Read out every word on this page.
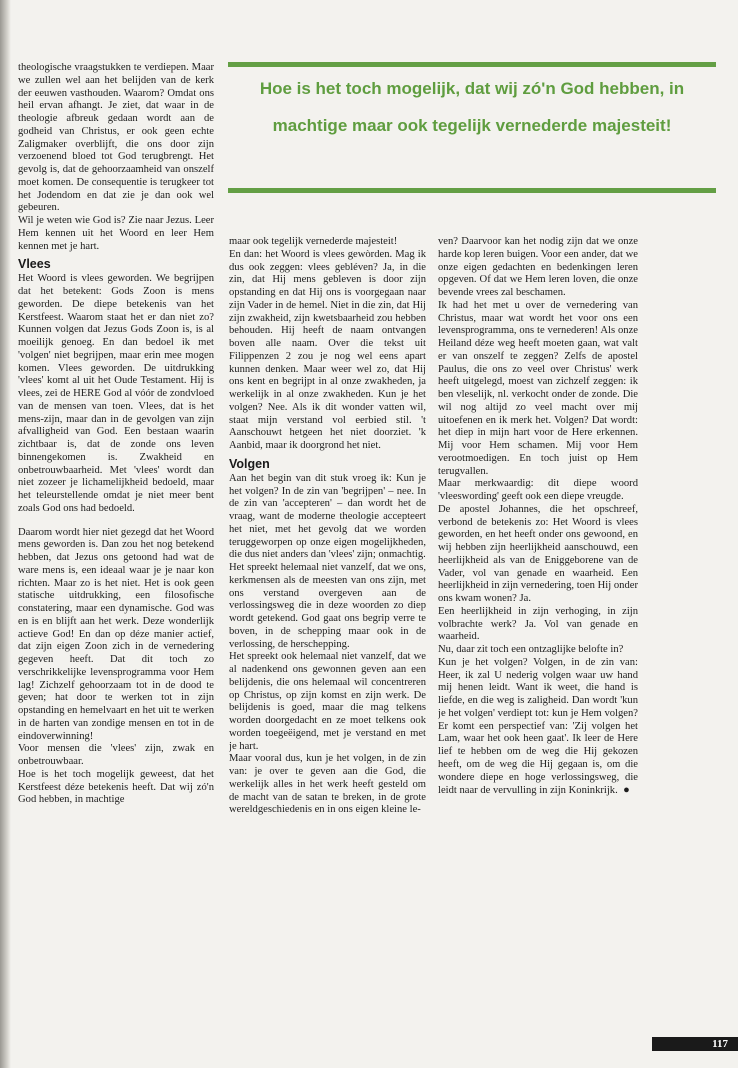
theologische vraagstukken te verdiepen. Maar we zullen wel aan het belijden van de kerk der eeuwen vasthouden. Waarom? Omdat ons heil ervan afhangt. Je ziet, dat waar in de theologie afbreuk gedaan wordt aan de godheid van Christus, er ook geen echte Zaligmaker overblijft, die ons door zijn verzoenend bloed tot God terugbrengt. Het gevolg is, dat de gehoorzaamheid van onszelf moet komen. De consequentie is terugkeer tot het Jodendom en dat zie je dan ook wel gebeuren.

Wil je weten wie God is? Zie naar Jezus. Leer Hem kennen uit het Woord en leer Hem kennen met je hart.

Vlees

Het Woord is vlees geworden. We begrijpen dat het betekent: Gods Zoon is mens geworden. De diepe betekenis van het Kerstfeest. Waarom staat het er dan niet zo? Kunnen volgen dat Jezus Gods Zoon is, is al moeilijk genoeg. En dan bedoel ik met 'volgen' niet begrijpen, maar erin mee mogen komen. Vlees geworden. De uitdrukking 'vlees' komt al uit het Oude Testament. Hij is vlees, zei de HERE God al vóór de zondvloed van de mensen van toen. Vlees, dat is het mens-zijn, maar dan in de gevolgen van zijn afvalligheid van God. Een bestaan waarin zichtbaar is, dat de zonde ons leven binnengekomen is. Zwakheid en onbetrouwbaarheid. Met 'vlees' wordt dan niet zozeer je lichamelijkheid bedoeld, maar het teleurstellende omdat je niet meer bent zoals God ons had bedoeld.

Daarom wordt hier niet gezegd dat het Woord mens geworden is. Dan zou het nog betekend hebben, dat Jezus ons getoond had wat de ware mens is, een ideaal waar je je naar kon richten. Maar zo is het niet. Het is ook geen statische uitdrukking, een filosofische constatering, maar een dynamische. God was en is en blijft aan het werk. Deze wonderlijk actieve God! En dan op déze manier actief, dat zijn eigen Zoon zich in de vernedering gegeven heeft. Dat dit toch zo verschrikkelijke levensprogramma voor Hem lag! Zichzelf gehoorzaam tot in de dood te geven; hat door te werken tot in zijn opstanding en hemelvaart en het uit te werken in de harten van zondige mensen en tot in de eindoverwinning!

Voor mensen die 'vlees' zijn, zwak en onbetrouwbaar.

Hoe is het toch mogelijk geweest, dat het Kerstfeest déze betekenis heeft. Dat wij zó'n God hebben, in machtige

Hoe is het toch mogelijk, dat wij zó'n God hebben, in machtige maar ook tegelijk vernederde majesteit!

maar ook tegelijk vernederde majesteit!

En dan: het Woord is vlees gewòrden. Mag ik dus ook zeggen: vlees gebléven? Ja, in die zin, dat Hij mens gebleven is door zijn opstanding en dat Hij ons is voorgegaan naar zijn Vader in de hemel. Niet in die zin, dat Hij zijn zwakheid, zijn kwetsbaarheid zou hebben behouden. Hij heeft de naam ontvangen boven alle naam. Over die tekst uit Filippenzen 2 zou je nog wel eens apart kunnen denken. Maar weer wel zo, dat Hij ons kent en begrijpt in al onze zwakheden, ja werkelijk in al onze zwakheden. Kun je het volgen? Nee. Als ik dit wonder vatten wil, staat mijn verstand vol eerbied stil. 't Aanschouwt hetgeen het niet doorziet. 'k Aanbid, maar ik doorgrond het niet.

Volgen

Aan het begin van dit stuk vroeg ik: Kun je het volgen? In de zin van 'begrijpen' – nee. In de zin van 'accepteren' – dan wordt het de vraag, want de moderne theologie accepteert het niet, met het gevolg dat we worden teruggeworpen op onze eigen mogelijkheden, die dus niet anders dan 'vlees' zijn; onmachtig.

Het spreekt helemaal niet vanzelf, dat we ons, kerkmensen als de meesten van ons zijn, met ons verstand overgeven aan de verlossingsweg die in deze woorden zo diep wordt getekend. God gaat ons begrip verre te boven, in de schepping maar ook in de verlossing, de herschepping.

Het spreekt ook helemaal niet vanzelf, dat we al nadenkend ons gewonnen geven aan een belijdenis, die ons helemaal wil concentreren op Christus, op zijn komst en zijn werk. De belijdenis is goed, maar die mag telkens worden doorgedacht en ze moet telkens ook worden toegeëigend, met je verstand en met je hart.

Maar vooral dus, kun je het volgen, in de zin van: je over te geven aan die God, die werkelijk alles in het werk heeft gesteld om de macht van de satan te breken, in de grote wereldgeschiedenis en in ons eigen kleine le-

ven? Daarvoor kan het nodig zijn dat we onze harde kop leren buigen. Voor een ander, dat we onze eigen gedachten en bedenkingen leren opgeven. Of dat we Hem leren loven, die onze bevende vrees zal beschamen.

Ik had het met u over de vernedering van Christus, maar wat wordt het voor ons een levensprogramma, ons te vernederen! Als onze Heiland déze weg heeft moeten gaan, wat valt er van onszelf te zeggen? Zelfs de apostel Paulus, die ons zo veel over Christus' werk heeft uitgelegd, moest van zichzelf zeggen: ik ben vleselijk, nl. verkocht onder de zonde. Die wil nog altijd zo veel macht over mij uitoefenen en ik merk het. Volgen? Dat wordt: het diep in mijn hart voor de Here erkennen. Mij voor Hem schamen. Mij voor Hem verootmoedigen. En toch juist op Hem terugvallen.

Maar merkwaardig: dit diepe woord 'vleeswording' geeft ook een diepe vreugde.

De apostel Johannes, die het opschreef, verbond de betekenis zo: Het Woord is vlees geworden, en het heeft onder ons gewoond, en wij hebben zijn heerlijkheid aanschouwd, een heerlijkheid als van de Eniggeborene van de Vader, vol van genade en waarheid. Een heerlijkheid in zijn vernedering, toen Hij onder ons kwam wonen? Ja.

Een heerlijkheid in zijn verhoging, in zijn volbrachte werk? Ja. Vol van genade en waarheid.

Nu, daar zit toch een ontzaglijke belofte in?

Kun je het volgen? Volgen, in de zin van: Heer, ik zal U nederig volgen waar uw hand mij henen leidt. Want ik weet, die hand is liefde, en die weg is zaligheid. Dan wordt 'kun je het volgen' verdiept tot: kun je Hem volgen? Er komt een perspectief van: 'Zij volgen het Lam, waar het ook heen gaat'. Ik leer de Here lief te hebben om de weg die Hij gekozen heeft, om de weg die Hij gegaan is, om die wondere diepe en hoge verlossingsweg, die leidt naar de vervulling in zijn Koninkrijk. ●

117
